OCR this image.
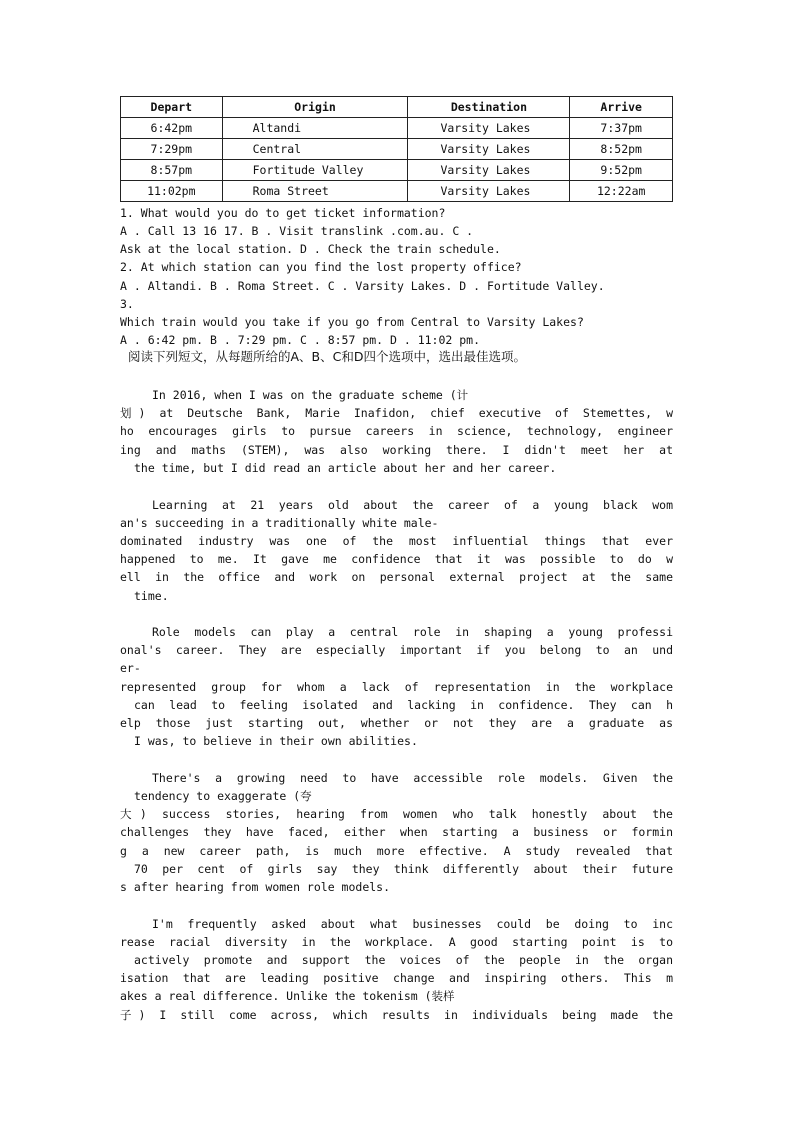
Depart	Origin	Destination	Arrive
6:42pm	Altandi	Varsity Lakes	7:37pm
7:29pm	Central	Varsity Lakes	8:52pm
8:57pm	Fortitude Valley	Varsity Lakes	9:52pm
11:02pm	Roma Street	Varsity Lakes	12:22am
1. What would you do to get ticket information?
A . Call 13 16 17. B . Visit translink .com.au. C .
Ask at the local station. D . Check the train schedule.
2. At which station can you find the lost property office?
A . Altandi. B . Roma Street. C . Varsity Lakes. D . Fortitude Valley.
3.
Which train would you take if you go from Central to Varsity Lakes?
A . 6:42 pm. B . 7:29 pm. C . 8:57 pm. D . 11:02 pm.
阅读下列短文，从每题所给的A、B、C和D四个选项中，选出最佳选项。
In 2016, when I was on the graduate scheme (计
划) at Deutsche Bank, Marie Inafidon, chief executive of Stemettes, w
ho encourages girls to pursue careers in science, technology, engineer
ing and maths (STEM), was also working there. I didn't meet her at
the time, but I did read an article about her and her career.
Learning at 21 years old about the career of a young black wom
an's succeeding in a traditionally white male-
dominated industry was one of the most influential things that ever
happened to me. It gave me confidence that it was possible to do w
ell in the office and work on personal external project at the same
time.
Role models can play a central role in shaping a young professi
onal's career. They are especially important if you belong to an und
er-
represented group for whom a lack of representation in the workplace
can lead to feeling isolated and lacking in confidence. They can h
elp those just starting out, whether or not they are a graduate as
I was, to believe in their own abilities.
There's a growing need to have accessible role models. Given the
tendency to exaggerate (夸
大) success stories, hearing from women who talk honestly about the
challenges they have faced, either when starting a business or formin
g a new career path, is much more effective. A study revealed that
70 per cent of girls say they think differently about their future
s after hearing from women role models.
I'm frequently asked about what businesses could be doing to inc
rease racial diversity in the workplace. A good starting point is to
actively promote and support the voices of the people in the organ
isation that are leading positive change and inspiring others. This m
akes a real difference. Unlike the tokenism (装样
子) I still come across, which results in individuals being made the
